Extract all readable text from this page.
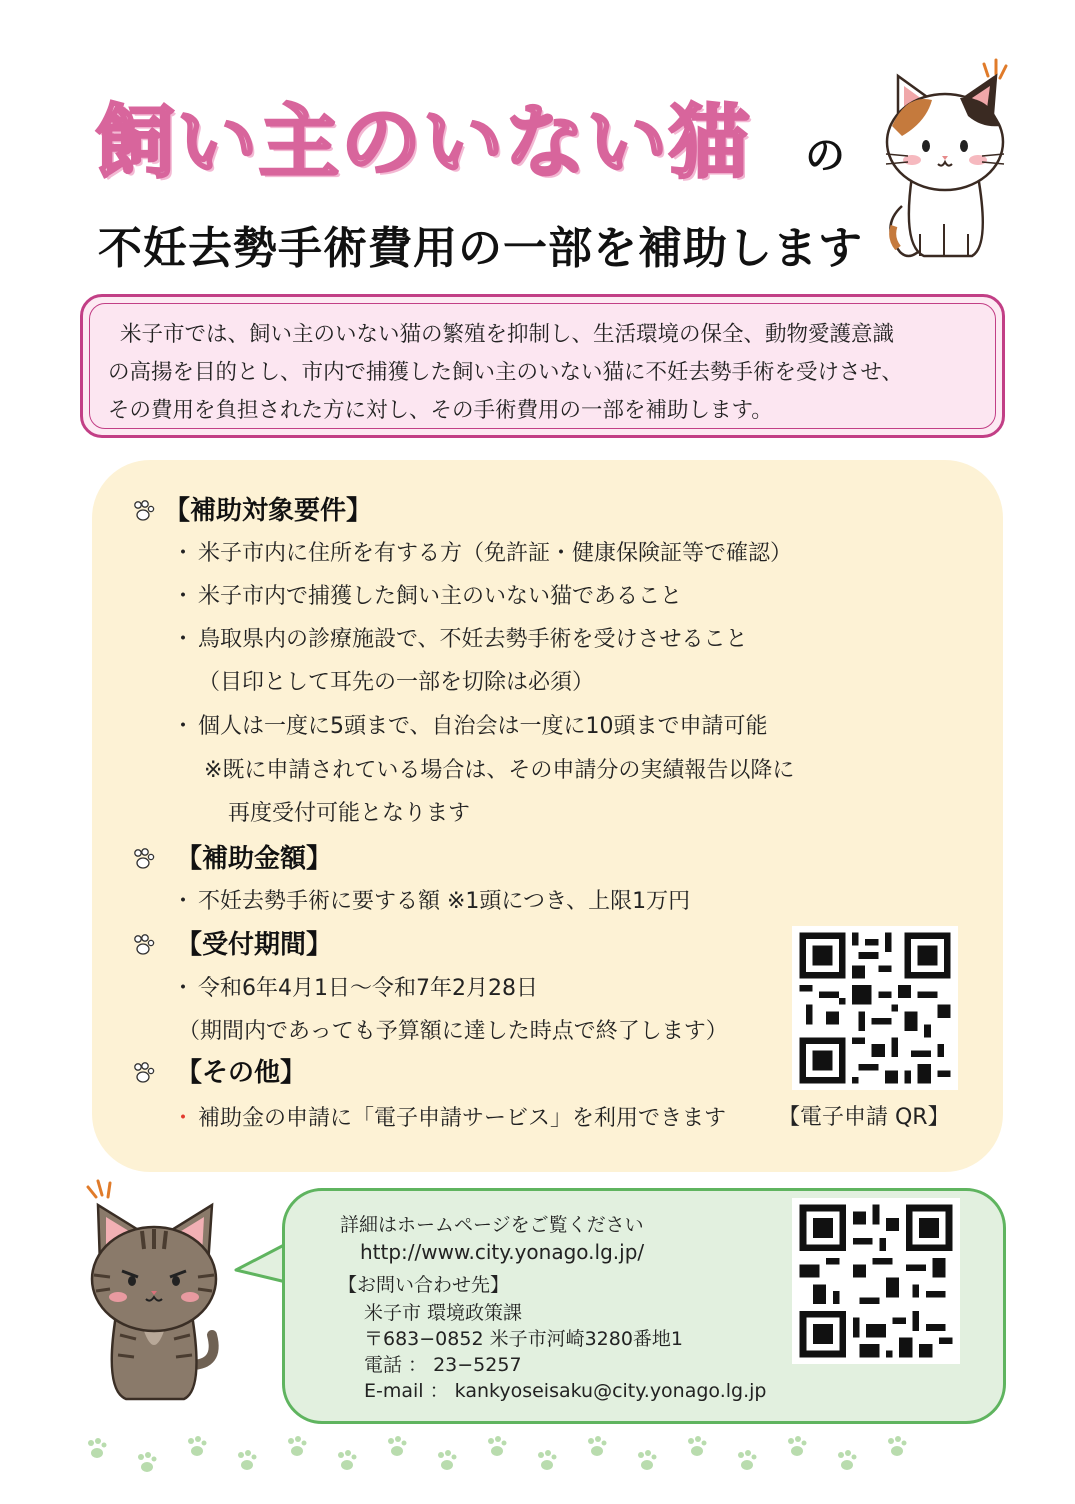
飼い主のいない猫 の
不妊去勢手術費用の一部を補助します
米子市では、飼い主のいない猫の繁殖を抑制し、生活環境の保全、動物愛護意識
の高揚を目的とし、市内で捕獲した飼い主のいない猫に不妊去勢手術を受けさせ、
その費用を負担された方に対し、その手術費用の一部を補助します。
【補助対象要件】
・ 米子市内に住所を有する方（免許証・健康保険証等で確認）
・ 米子市内で捕獲した飼い主のいない猫であること
・ 鳥取県内の診療施設で、不妊去勢手術を受けさせること
（目印として耳先の一部を切除は必須）
・ 個人は一度に5頭まで、自治会は一度に10頭まで申請可能
※既に申請されている場合は、その申請分の実績報告以降に
再度受付可能となります
【補助金額】
・ 不妊去勢手術に要する額 ※1頭につき、上限1万円
【受付期間】
・ 令和6年4月1日～令和7年2月28日
（期間内であっても予算額に達した時点で終了します）
【その他】
・ 補助金の申請に「電子申請サービス」を利用できます 【電子申請 QR】
詳細はホームページをご覧ください
http://www.city.yonago.lg.jp/
【お問い合わせ先】
米子市 環境政策課
〒683−0852 米子市河崎3280番地1
電話 ： 23−5257
E-mail ： kankyoseisaku@city.yonago.lg.jp
